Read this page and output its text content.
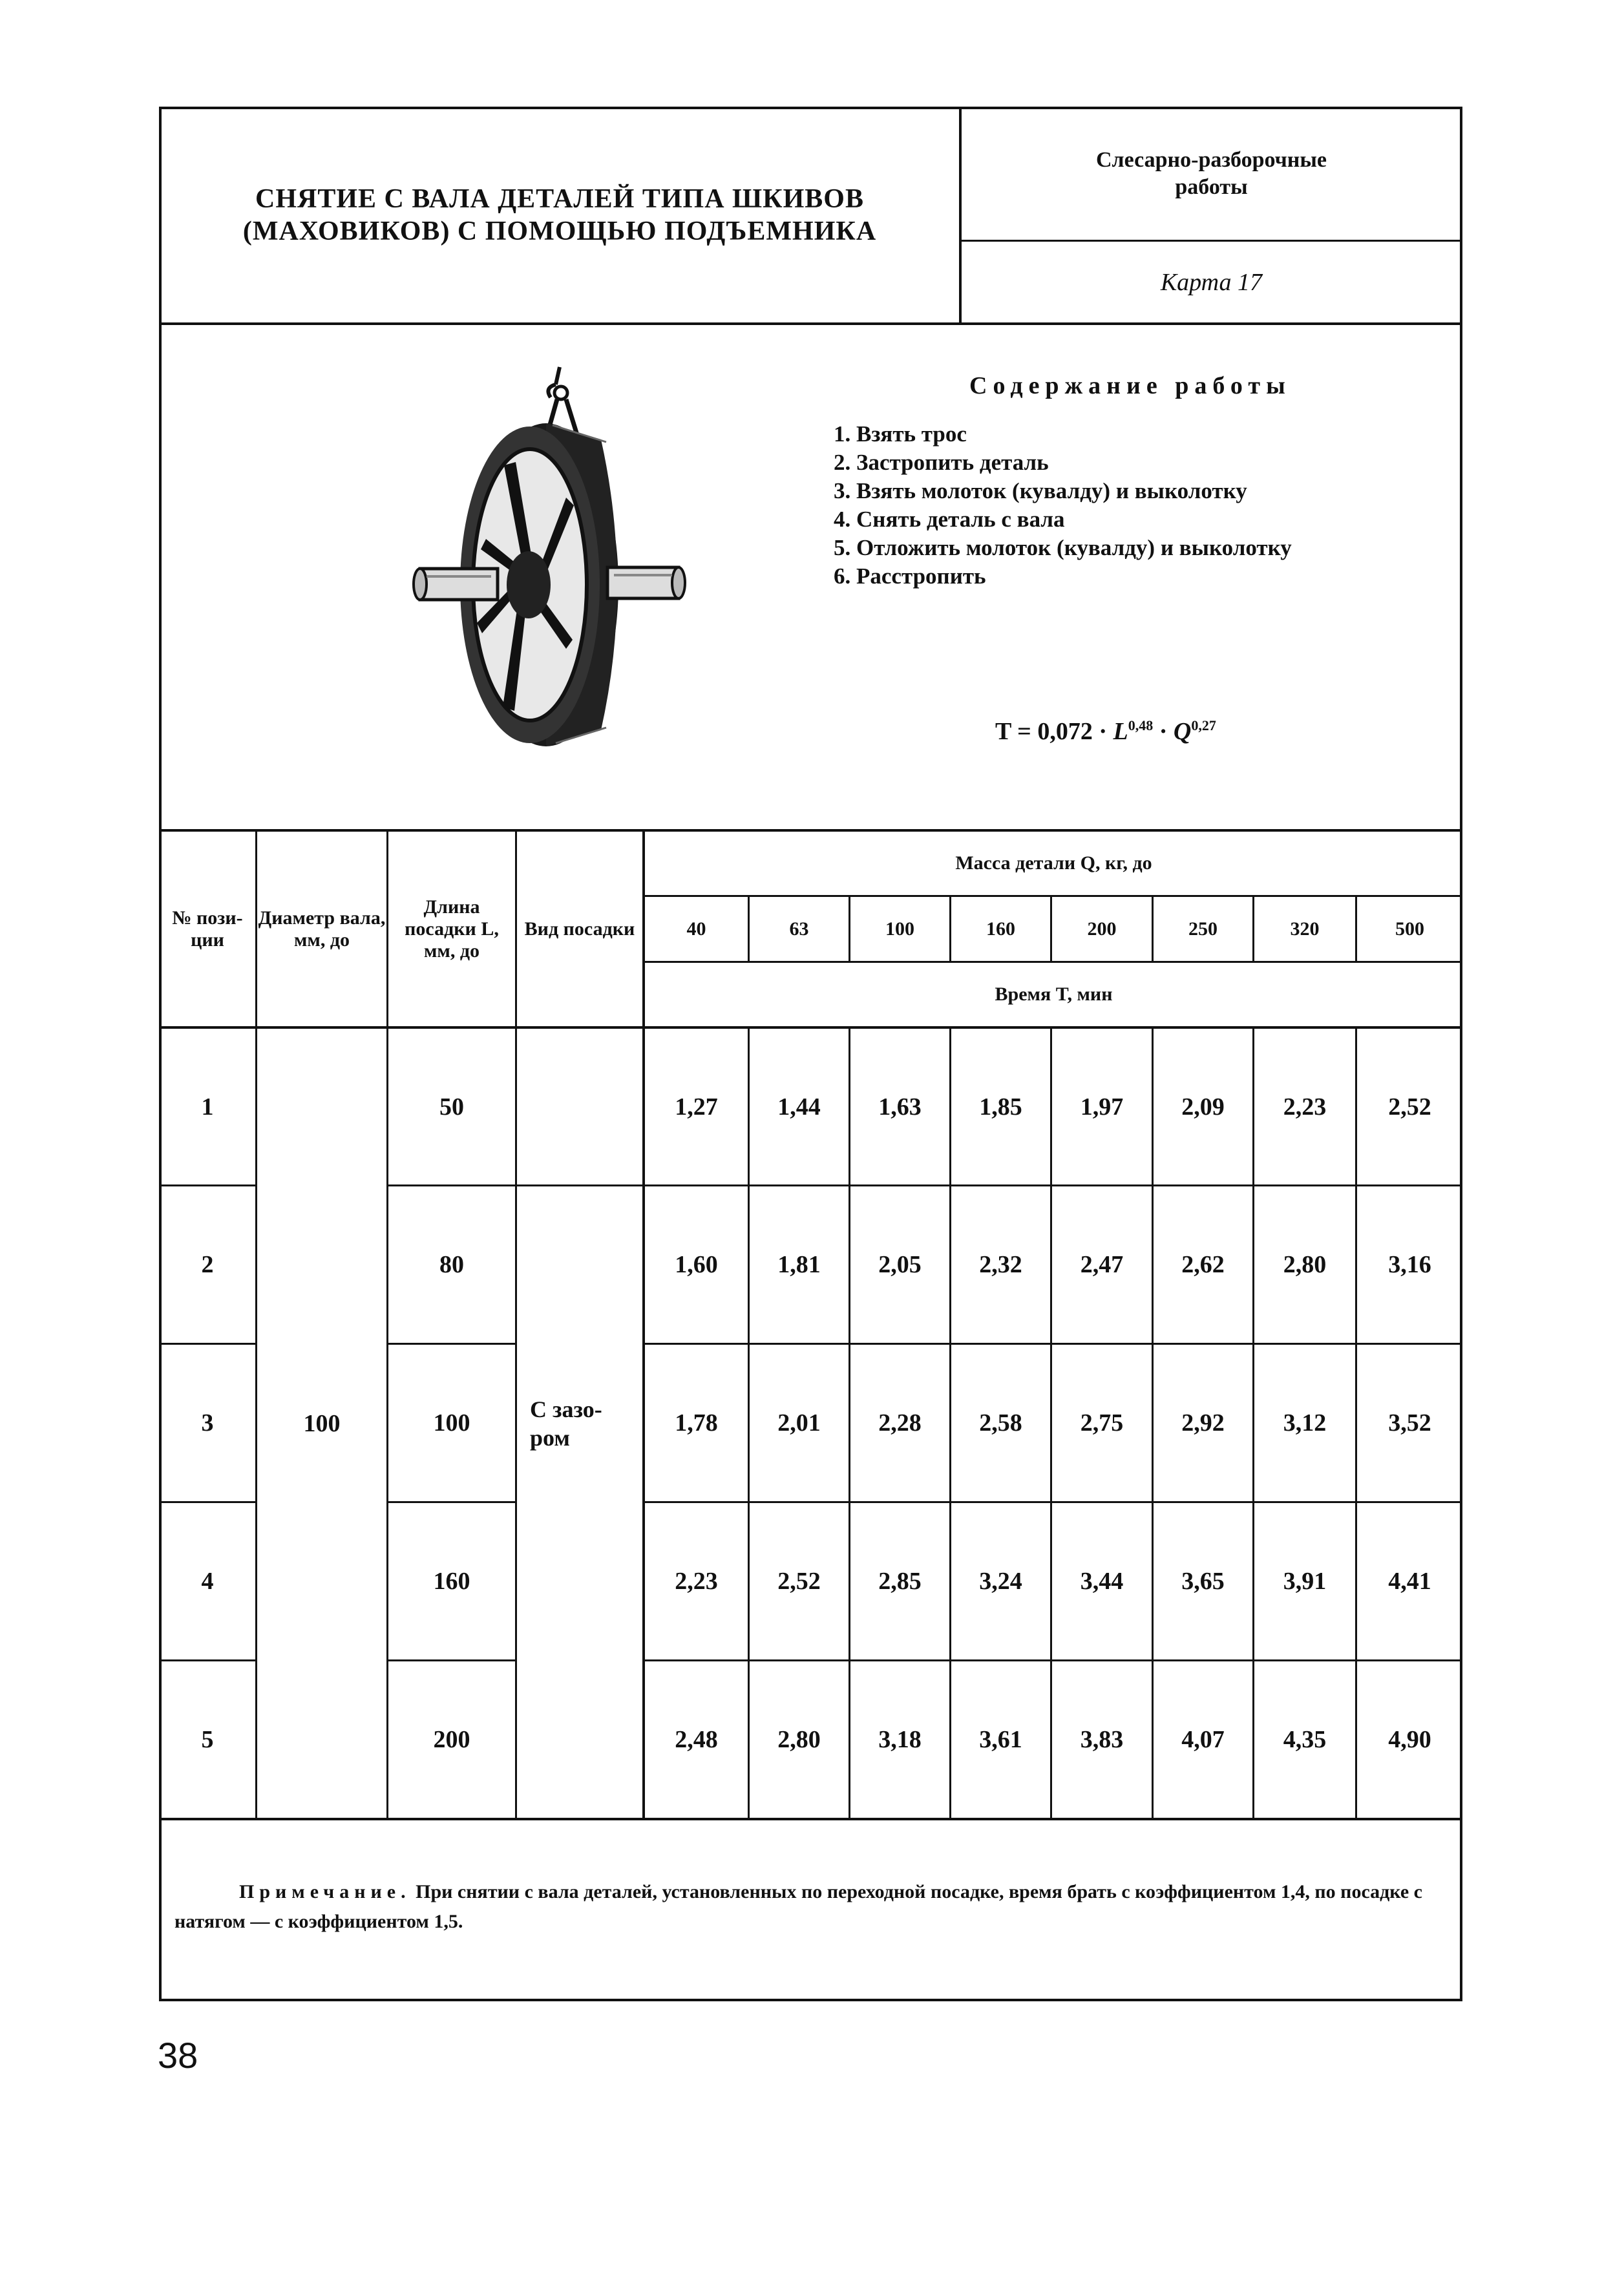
СНЯТИЕ С ВАЛА ДЕТАЛЕЙ ТИПА ШКИВОВ
(МАХОВИКОВ) С ПОМОЩЬЮ ПОДЪЕМНИКА
Слесарно-разборочные
работы
Карта 17
Содержание работы
1. Взять трос
2. Застропить деталь
3. Взять молоток (кувалду) и выколотку
4. Снять деталь с вала
5. Отложить молоток (кувалду) и выколотку
6. Расстропить
T = 0,072 · L$^{0,48}$ · Q$^{0,27}$
№ пози- ции
Диаметр вала, мм, до
Длина посадки L, мм, до
Вид посадки
Масса детали Q, кг, до
Время T, мин
40	63	100	160	200	250	320	500
100
С зазо-
ром
1	50	1,27	1,44	1,63	1,85	1,97	2,09	2,23	2,52
2	80	1,60	1,81	2,05	2,32	2,47	2,62	2,80	3,16
3	100	1,78	2,01	2,28	2,58	2,75	2,92	3,12	3,52
4	160	2,23	2,52	2,85	3,24	3,44	3,65	3,91	4,41
5	200	2,48	2,80	3,18	3,61	3,83	4,07	4,35	4,90
Примечание. При снятии с вала деталей, установленных по переходной посадке, время брать с коэффициентом 1,4, по посадке с натягом — с коэффициентом 1,5.
38
